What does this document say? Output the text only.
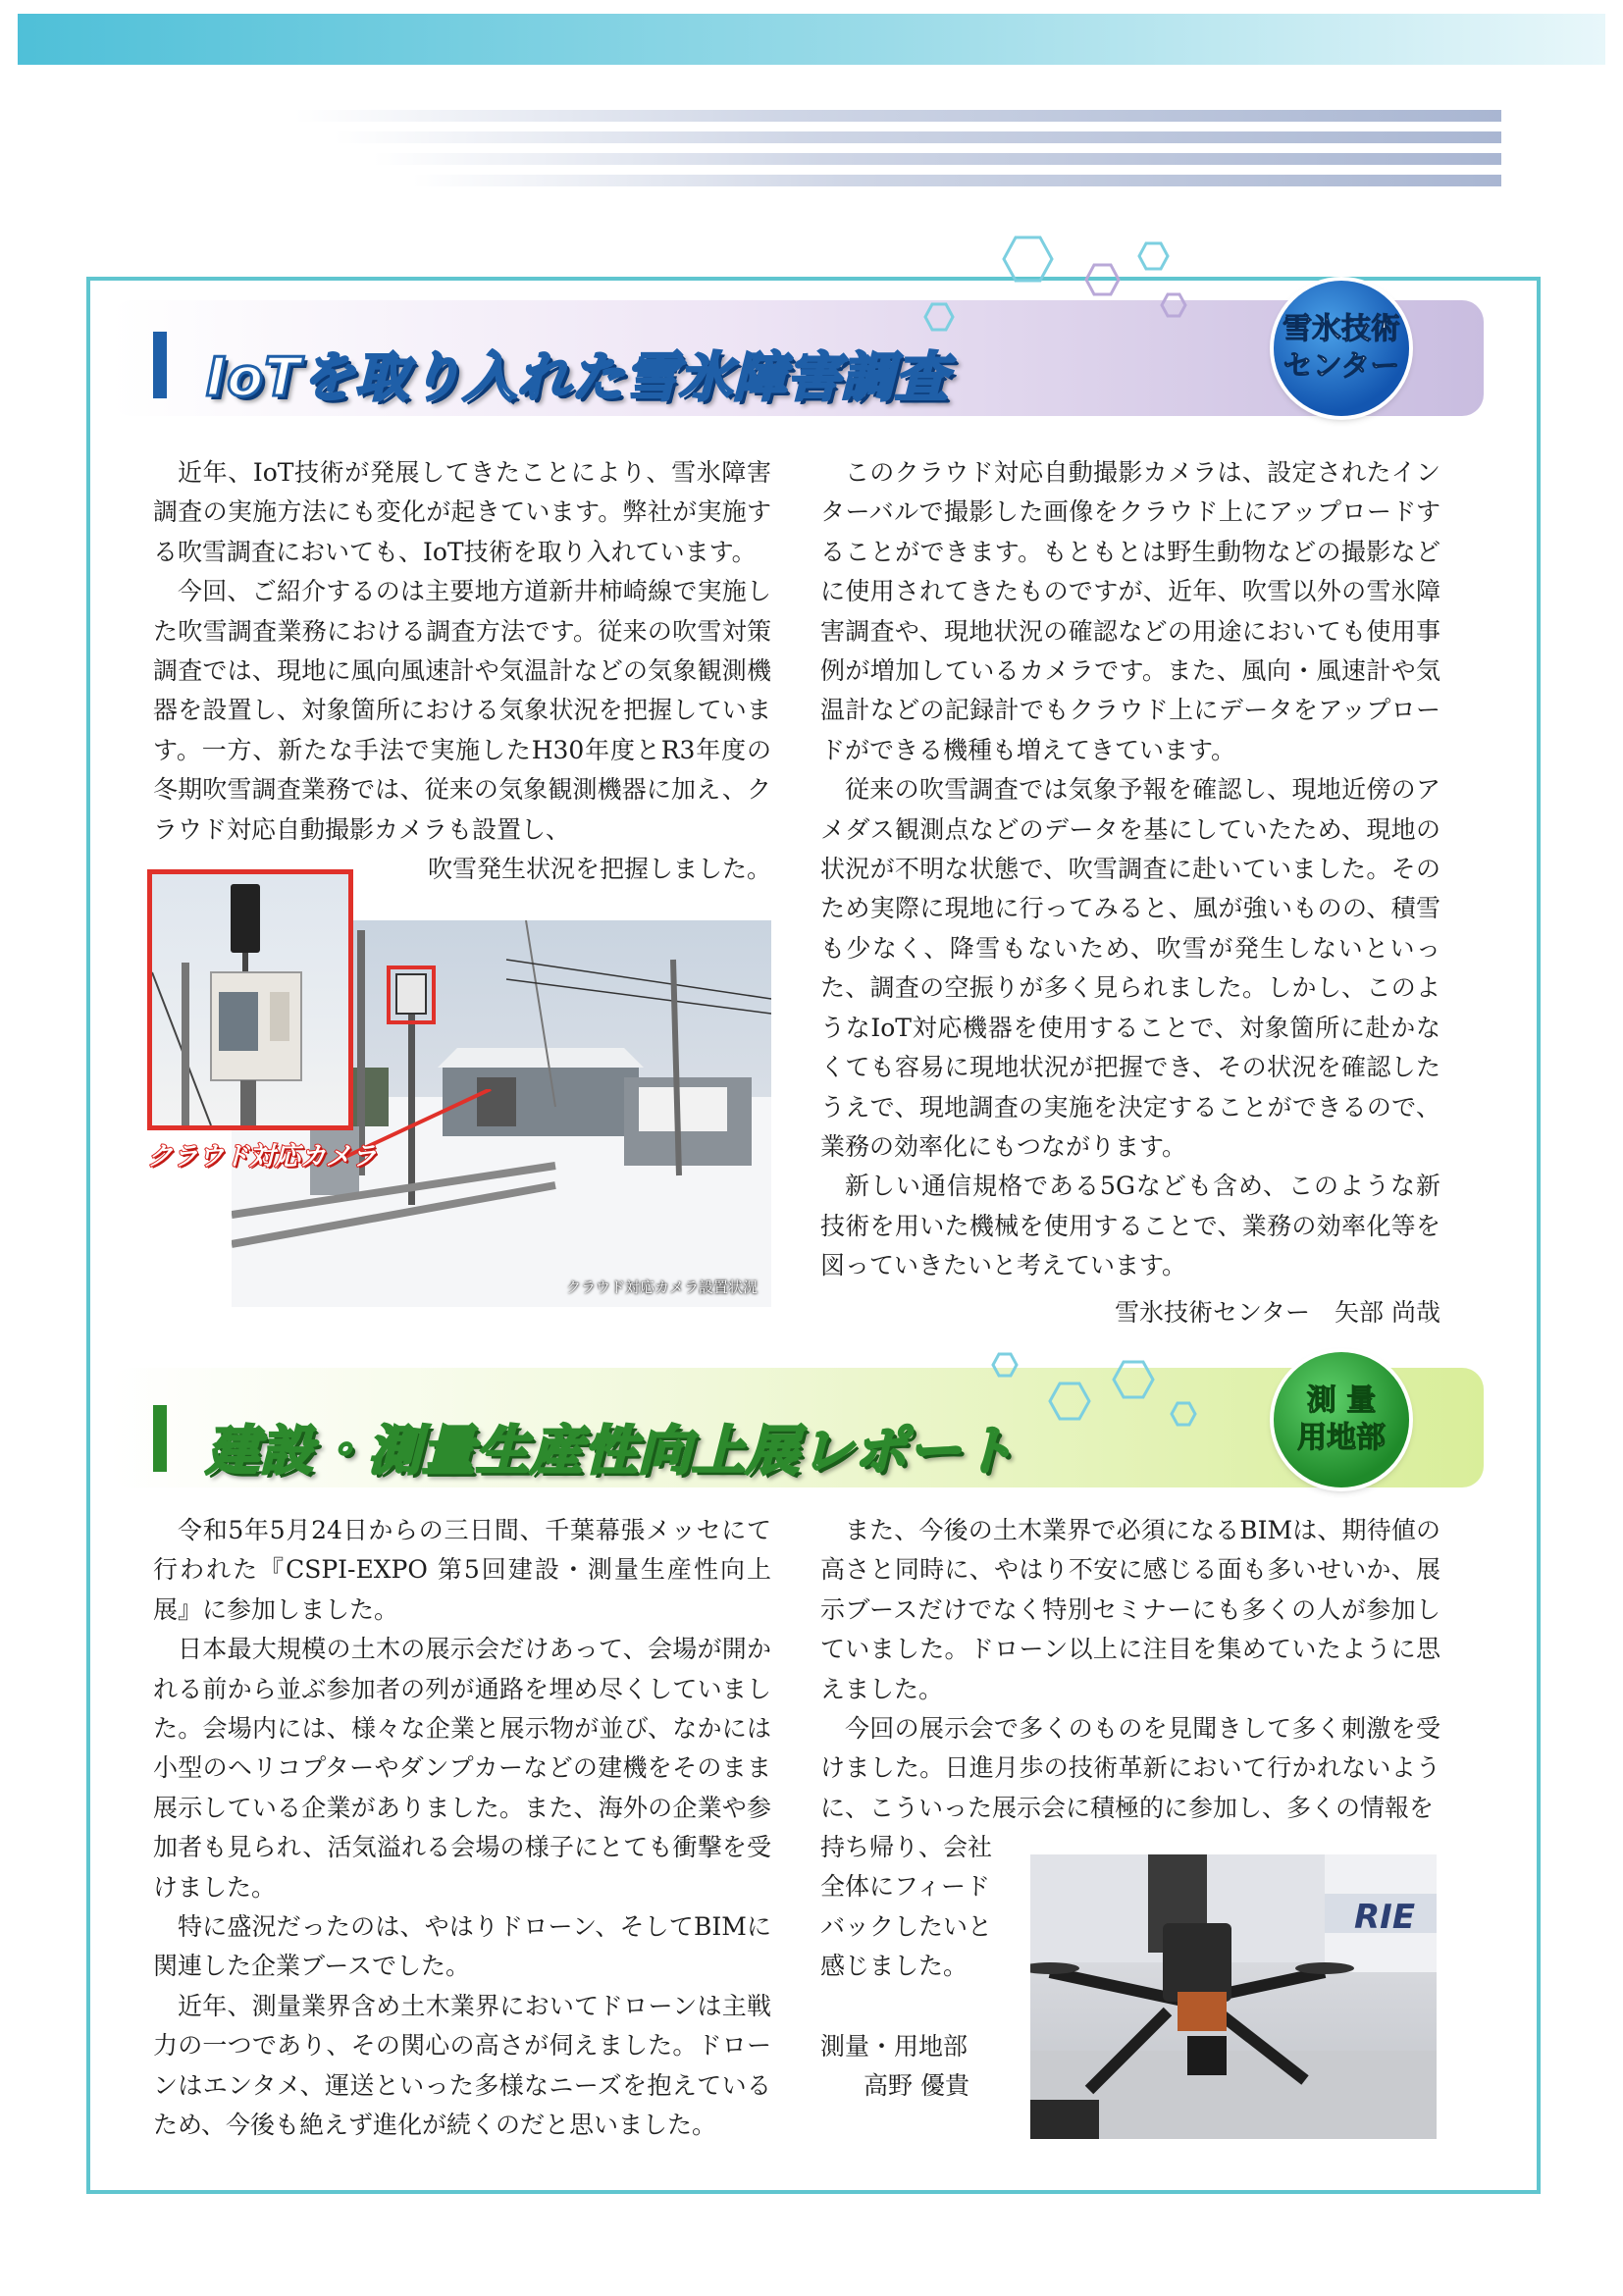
IoTを取り入れた雪氷障害調査
雪氷技術
センター

近年、IoT技術が発展してきたことにより、雪氷障害調査の実施方法にも変化が起きています。弊社が実施する吹雪調査においても、IoT技術を取り入れています。

今回、ご紹介するのは主要地方道新井柿崎線で実施した吹雪調査業務における調査方法です。従来の吹雪対策調査では、現地に風向風速計や気温計などの気象観測機器を設置し、対象箇所における気象状況を把握しています。一方、新たな手法で実施したH30年度とR3年度の冬期吹雪調査業務では、従来の気象観測機器に加え、クラウド対応自動撮影カメラも設置し、

吹雪発生状況を把握しました。

このクラウド対応自動撮影カメラは、設定されたインターバルで撮影した画像をクラウド上にアップロードすることができます。もともとは野生動物などの撮影などに使用されてきたものですが、近年、吹雪以外の雪氷障害調査や、現地状況の確認などの用途においても使用事例が増加しているカメラです。また、風向・風速計や気温計などの記録計でもクラウド上にデータをアップロードができる機種も増えてきています。

従来の吹雪調査では気象予報を確認し、現地近傍のアメダス観測点などのデータを基にしていたため、現地の状況が不明な状態で、吹雪調査に赴いていました。そのため実際に現地に行ってみると、風が強いものの、積雪も少なく、降雪もないため、吹雪が発生しないといった、調査の空振りが多く見られました。しかし、このようなIoT対応機器を使用することで、対象箇所に赴かなくても容易に現地状況が把握でき、その状況を確認したうえで、現地調査の実施を決定することができるので、業務の効率化にもつながります。

新しい通信規格である5Gなども含め、このような新技術を用いた機械を使用することで、業務の効率化等を図っていきたいと考えています。

雪氷技術センター　矢部 尚哉
クラウド対応カメラ設置状況
クラウド対応カメラ
建設・測量生産性向上展レポート
測 量
用地部

令和5年5月24日からの三日間、千葉幕張メッセにて行われた『CSPI-EXPO 第5回建設・測量生産性向上展』に参加しました。

日本最大規模の土木の展示会だけあって、会場が開かれる前から並ぶ参加者の列が通路を埋め尽くしていました。会場内には、様々な企業と展示物が並び、なかには小型のヘリコプターやダンプカーなどの建機をそのまま展示している企業がありました。また、海外の企業や参加者も見られ、活気溢れる会場の様子にとても衝撃を受けました。

特に盛況だったのは、やはりドローン、そしてBIMに関連した企業ブースでした。

近年、測量業界含め土木業界においてドローンは主戦力の一つであり、その関心の高さが伺えました。ドローンはエンタメ、運送といった多様なニーズを抱えているため、今後も絶えず進化が続くのだと思いました。

また、今後の土木業界で必須になるBIMは、期待値の高さと同時に、やはり不安に感じる面も多いせいか、展示ブースだけでなく特別セミナーにも多くの人が参加していました。ドローン以上に注目を集めていたように思えました。

今回の展示会で多くのものを見聞きして多く刺激を受けました。日進月歩の技術革新において行かれないように、こういった展示会に積極的に参加し、多くの情報を

持ち帰り、会社
全体にフィード
バックしたいと
感じました。
測量・用地部
高野 優貴
RIE
